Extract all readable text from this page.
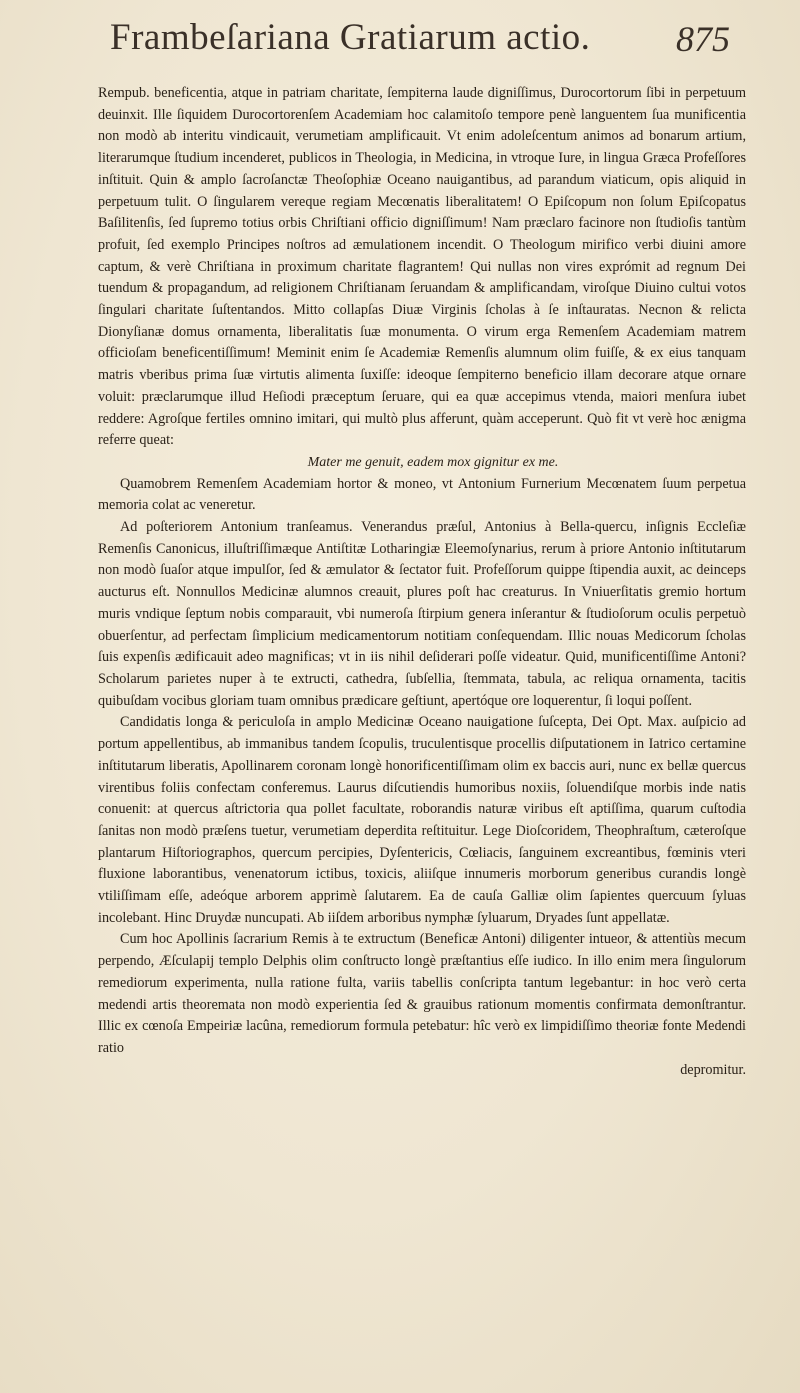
Frambeſariana Gratiarum actio. 875

Rempub. beneficentia, atque in patriam charitate, ſempiterna laude digniſſimus, Durocortorum ſibi in perpetuum deuinxit. Ille ſiquidem Durocortorenſem Academiam hoc calamitoſo tempore penè languentem ſua munificentia non modò ab interitu vindicauit, verumetiam amplificauit. Vt enim adoleſcentum animos ad bonarum artium, literarumque ſtudium incenderet, publicos in Theologia, in Medicina, in vtroque Iure, in lingua Græca Profeſſores inſtituit. Quin & amplo ſacroſanctæ Theoſophiæ Oceano nauigantibus, ad parandum viaticum, opis aliquid in perpetuum tulit. O ſingularem vereque regiam Mecœnatis liberalitatem! O Epiſcopum non ſolum Epiſcopatus Baſilitenſis, ſed ſupremo totius orbis Chriſtiani officio digniſſimum! Nam præclaro facinore non ſtudioſis tantùm profuit, ſed exemplo Principes noſtros ad æmulationem incendit. O Theologum mirifico verbi diuini amore captum, & verè Chriſtiana in proximum charitate flagrantem! Qui nullas non vires exprómit ad regnum Dei tuendum & propagandum, ad religionem Chriſtianam ſeruandam & amplificandam, viroſque Diuino cultui votos ſingulari charitate ſuſtentandos. Mitto collapſas Diuæ Virginis ſcholas à ſe inſtauratas. Necnon & relicta Dionyſianæ domus ornamenta, liberalitatis ſuæ monumenta. O virum erga Remenſem Academiam matrem officioſam beneficentiſſimum! Meminit enim ſe Academiæ Remenſis alumnum olim fuiſſe, & ex eius tanquam matris vberibus prima ſuæ virtutis alimenta ſuxiſſe: ideoque ſempiterno beneficio illam decorare atque ornare voluit: præclarumque illud Heſiodi præceptum ſeruare, qui ea quæ accepimus vtenda, maiori menſura iubet reddere: Agroſque fertiles omnino imitari, qui multò plus afferunt, quàm acceperunt. Quò fit vt verè hoc ænigma referre queat:

Mater me genuit, eadem mox gignitur ex me.

Quamobrem Remenſem Academiam hortor & moneo, vt Antonium Furnerium Mecœnatem ſuum perpetua memoria colat ac veneretur.

Ad poſteriorem Antonium tranſeamus. Venerandus præſul, Antonius à Bella-quercu, inſignis Eccleſiæ Remenſis Canonicus, illuſtriſſimæque Antiſtitæ Lotharingiæ Eleemoſynarius, rerum à priore Antonio inſtitutarum non modò ſuaſor atque impulſor, ſed & æmulator & ſectator fuit. Profeſſorum quippe ſtipendia auxit, ac deinceps aucturus eſt. Nonnullos Medicinæ alumnos creauit, plures poſt hac creaturus. In Vniuerſitatis gremio hortum muris vndique ſeptum nobis comparauit, vbi numeroſa ſtirpium genera inſerantur & ſtudioſorum oculis perpetuò obuerſentur, ad perfectam ſimplicium medicamentorum notitiam conſequendam. Illic nouas Medicorum ſcholas ſuis expenſis ædificauit adeo magnificas; vt in iis nihil deſiderari poſſe videatur. Quid, munificentiſſime Antoni? Scholarum parietes nuper à te extructi, cathedra, ſubſellia, ſtemmata, tabula, ac reliqua ornamenta, tacitis quibuſdam vocibus gloriam tuam omnibus prædicare geſtiunt, apertóque ore loquerentur, ſi loqui poſſent.

Candidatis longa & periculoſa in amplo Medicinæ Oceano nauigatione ſuſcepta, Dei Opt. Max. auſpicio ad portum appellentibus, ab immanibus tandem ſcopulis, truculentisque procellis diſputationem in Iatrico certamine inſtitutarum liberatis, Apollinarem coronam longè honorificentiſſimam olim ex baccis auri, nunc ex bellæ quercus virentibus foliis confectam conferemus. Laurus diſcutiendis humoribus noxiis, ſoluendiſque morbis inde natis conuenit: at quercus aſtrictoria qua pollet facultate, roborandis naturæ viribus eſt aptiſſima, quarum cuſtodia ſanitas non modò præſens tuetur, verumetiam deperdita reſtituitur. Lege Dioſcoridem, Theophraſtum, cæteroſque plantarum Hiſtoriographos, quercum percipies, Dyſentericis, Cœliacis, ſanguinem excreantibus, fœminis vteri fluxione laborantibus, venenatorum ictibus, toxicis, aliiſque innumeris morborum generibus curandis longè vtiliſſimam eſſe, adeóque arborem apprimè ſalutarem. Ea de cauſa Galliæ olim ſapientes quercuum ſyluas incolebant. Hinc Druydæ nuncupati. Ab iiſdem arboribus nymphæ ſyluarum, Dryades ſunt appellatæ.

Cum hoc Apollinis ſacrarium Remis à te extructum (Beneficæ Antoni) diligenter intueor, & attentiùs mecum perpendo, Æſculapij templo Delphis olim conſtructo longè præſtantius eſſe iudico. In illo enim mera ſingulorum remediorum experimenta, nulla ratione fulta, variis tabellis conſcripta tantum legebantur: in hoc verò certa medendi artis theoremata non modò experientia ſed & grauibus rationum momentis confirmata demonſtrantur. Illic ex cœnoſa Empeiriæ lacûna, remediorum formula petebatur: hîc verò ex limpidiſſimo theoriæ fonte Medendi ratio

depromitur.
